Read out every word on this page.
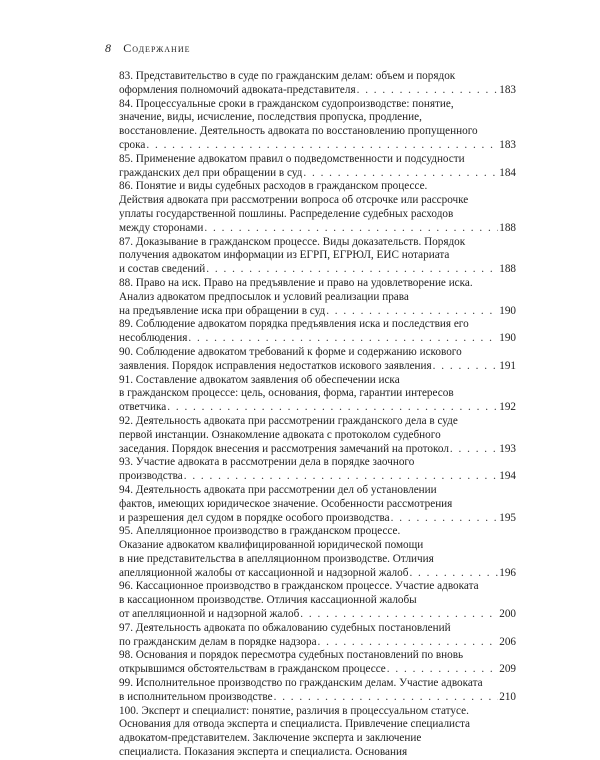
8 Содержание
83. Представительство в суде по гражданским делам: объем и порядок
оформления полномочий адвоката-представителя . . .	183
84. Процессуальные сроки в гражданском судопроизводстве: понятие,
значение, виды, исчисление, последствия пропуска, продление,
восстановление. Деятельность адвоката по восстановлению пропущенного
срока . . .	183
85. Применение адвокатом правил о подведомственности и подсудности
гражданских дел при обращении в суд . . .	184
86. Понятие и виды судебных расходов в гражданском процессе.
Действия адвоката при рассмотрении вопроса об отсрочке или рассрочке
уплаты государственной пошлины. Распределение судебных расходов
между сторонами . . .	188
87. Доказывание в гражданском процессе. Виды доказательств. Порядок
получения адвокатом информации из ЕГРП, ЕГРЮЛ, ЕИС нотариата
и состав сведений . . .	188
88. Право на иск. Право на предъявление и право на удовлетворение иска.
Анализ адвокатом предпосылок и условий реализации права
на предъявление иска при обращении в суд . . .	190
89. Соблюдение адвокатом порядка предъявления иска и последствия его
несоблюдения . . .	190
90. Соблюдение адвокатом требований к форме и содержанию искового
заявления. Порядок исправления недостатков искового заявления . . .	191
91. Составление адвокатом заявления об обеспечении иска
в гражданском процессе: цель, основания, форма, гарантии интересов
ответчика . . .	192
92. Деятельность адвоката при рассмотрении гражданского дела в суде
первой инстанции. Ознакомление адвоката с протоколом судебного
заседания. Порядок внесения и рассмотрения замечаний на протокол . . .	193
93. Участие адвоката в рассмотрении дела в порядке заочного
производства . . .	194
94. Деятельность адвоката при рассмотрении дел об установлении
фактов, имеющих юридическое значение. Особенности рассмотрения
и разрешения дел судом в порядке особого производства . . .	195
95. Апелляционное производство в гражданском процессе.
Оказание адвокатом квалифицированной юридической помощи
в ние представительства в апелляционном производстве. Отличия
апелляционной жалобы от кассационной и надзорной жалоб . . .	196
96. Кассационное производство в гражданском процессе. Участие адвоката
в кассационном производстве. Отличия кассационной жалобы
от апелляционной и надзорной жалоб . . .	200
97. Деятельность адвоката по обжалованию судебных постановлений
по гражданским делам в порядке надзора . . .	206
98. Основания и порядок пересмотра судебных постановлений по вновь
открывшимся обстоятельствам в гражданском процессе . . .	209
99. Исполнительное производство по гражданским делам. Участие адвоката
в исполнительном производстве . . .	210
100. Эксперт и специалист: понятие, различия в процессуальном статусе.
Основания для отвода эксперта и специалиста. Привлечение специалиста
адвокатом-представителем. Заключение эксперта и заключение
специалиста. Показания эксперта и специалиста. Основания
